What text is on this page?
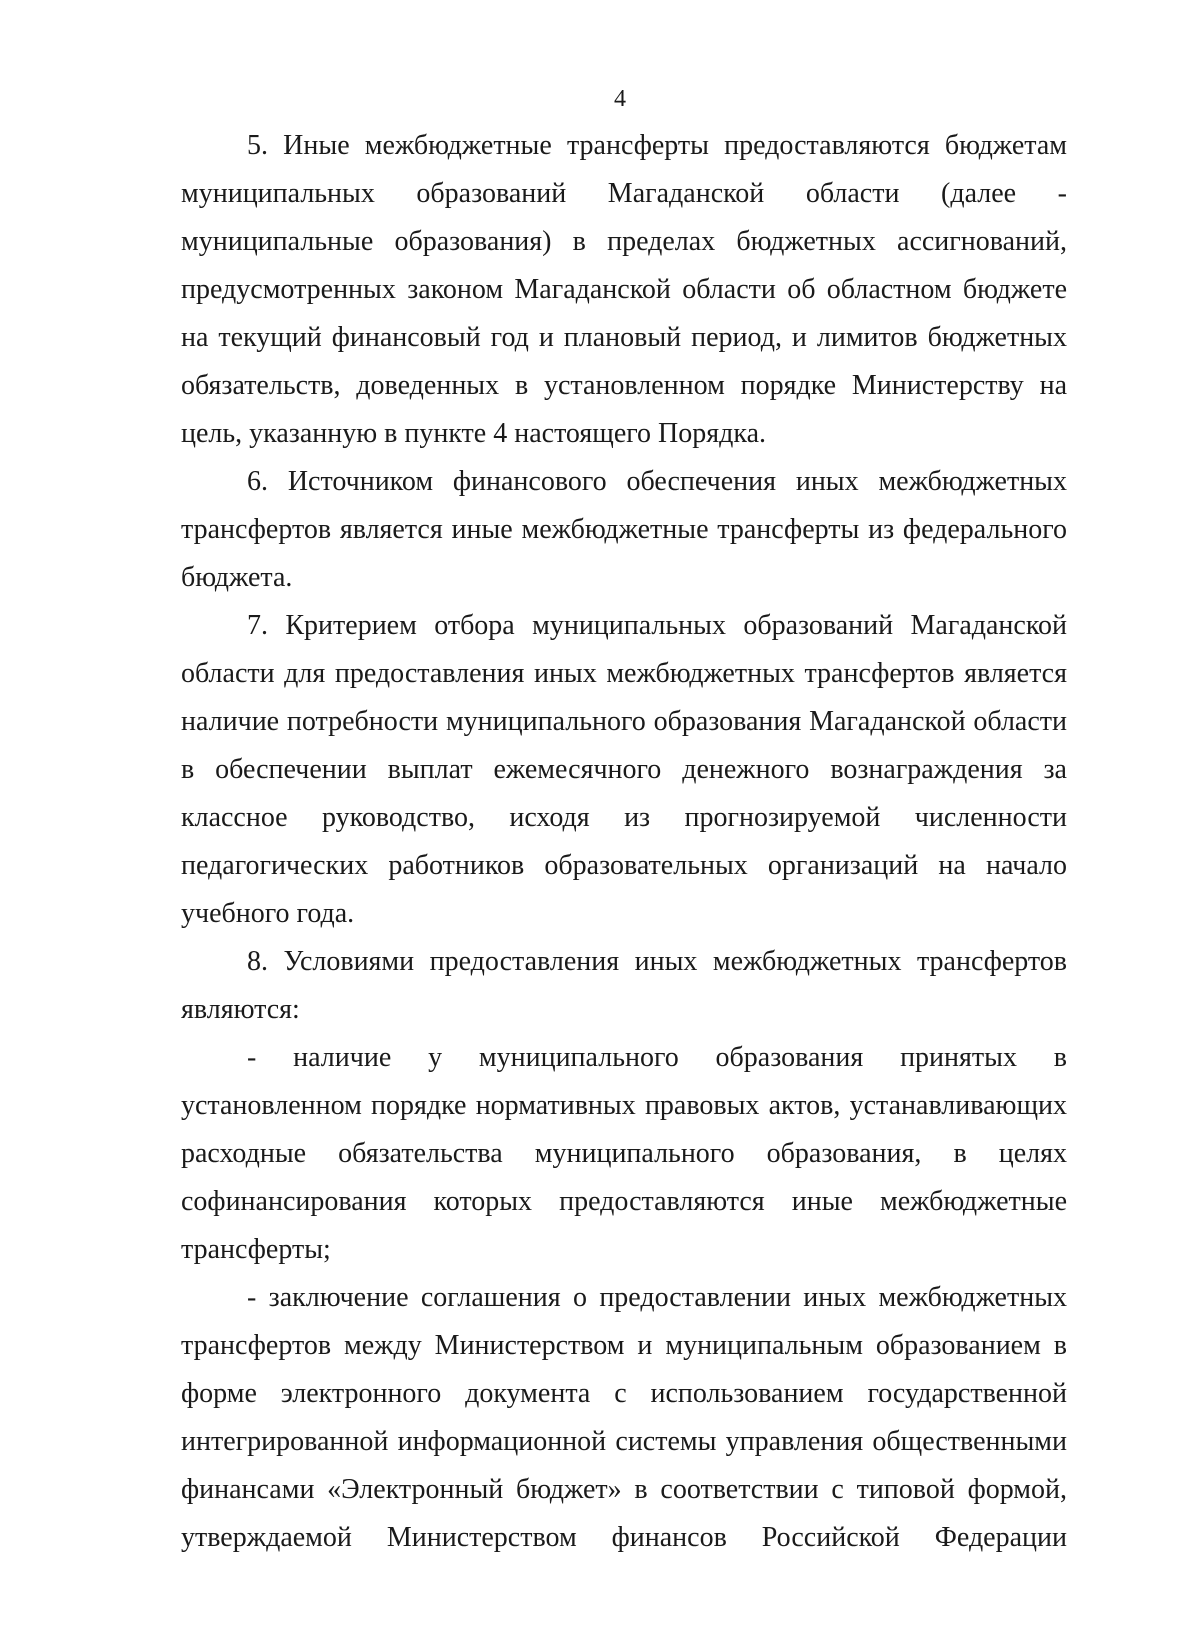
4

5. Иные межбюджетные трансферты предоставляются бюджетам муниципальных образований Магаданской области (далее - муниципальные образования) в пределах бюджетных ассигнований, предусмотренных законом Магаданской области об областном бюджете на текущий финансовый год и плановый период, и лимитов бюджетных обязательств, доведенных в установленном порядке Министерству на цель, указанную в пункте 4 настоящего Порядка.

6. Источником финансового обеспечения иных межбюджетных трансфертов является иные межбюджетные трансферты из федерального бюджета.

7. Критерием отбора муниципальных образований Магаданской области для предоставления иных межбюджетных трансфертов является наличие потребности муниципального образования Магаданской области в обеспечении выплат ежемесячного денежного вознаграждения за классное руководство, исходя из прогнозируемой численности педагогических работников образовательных организаций на начало учебного года.

8. Условиями предоставления иных межбюджетных трансфертов являются:

- наличие у муниципального образования принятых в установленном порядке нормативных правовых актов, устанавливающих расходные обязательства муниципального образования, в целях софинансирования которых предоставляются иные межбюджетные трансферты;

- заключение соглашения о предоставлении иных межбюджетных трансфертов между Министерством и муниципальным образованием в форме электронного документа с использованием государственной интегрированной информационной системы управления общественными финансами «Электронный бюджет» в соответствии с типовой формой, утверждаемой Министерством финансов Российской Федерации
